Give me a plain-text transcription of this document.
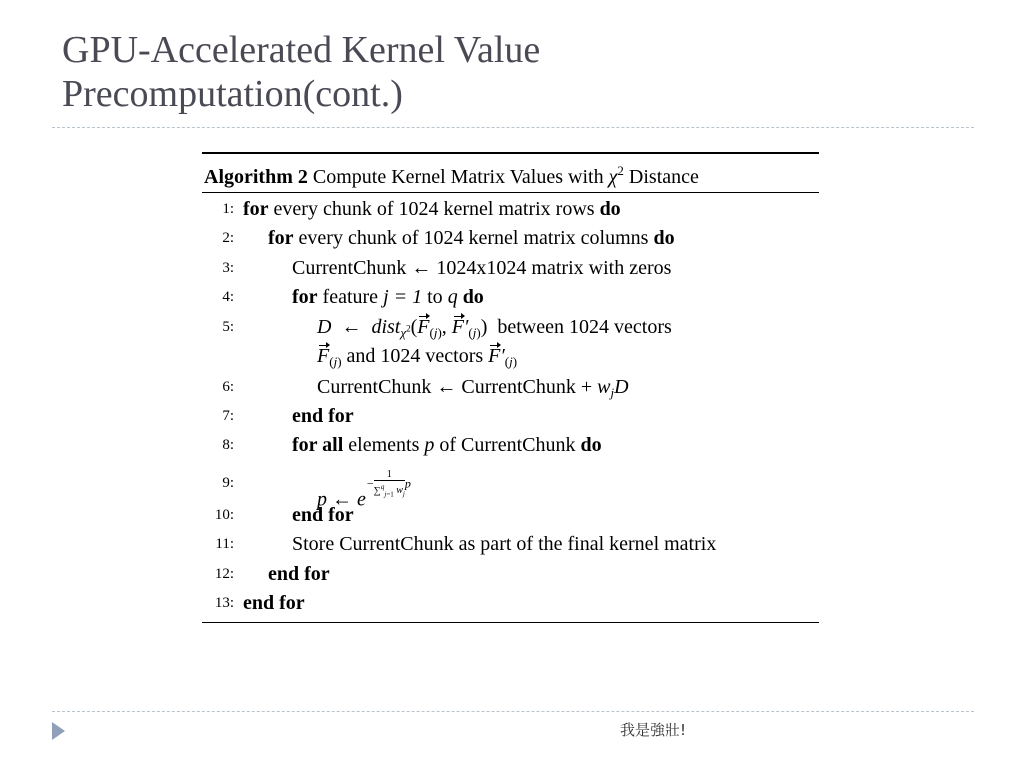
GPU-Accelerated Kernel Value
Precomputation(cont.)
Algorithm 2 Compute Kernel Matrix Values with $\chi^2$ Distance
1: for every chunk of 1024 kernel matrix rows do
2: for every chunk of 1024 kernel matrix columns do
3:	CurrentChunk ← 1024x1024 matrix with zeros
4:	for feature j = 1 to q do
5:	D  ←  $dist_{\chi^2}(F_{(j)}$, $F'_{(j)}$)  between 1024 vectors
$F_{(j)}$ and 1024 vectors $F'_{(j)}$
6:	CurrentChunk ← CurrentChunk + $w_jD$
7:	end for
8:	for all elements p of CurrentChunk do
9:
p ← $e- \frac{1}{\sum^q_{j=1} w_j}$ p
10:	end for
11:	Store CurrentChunk as part of the final kernel matrix
12: end for
13: end for
我是強壯!
